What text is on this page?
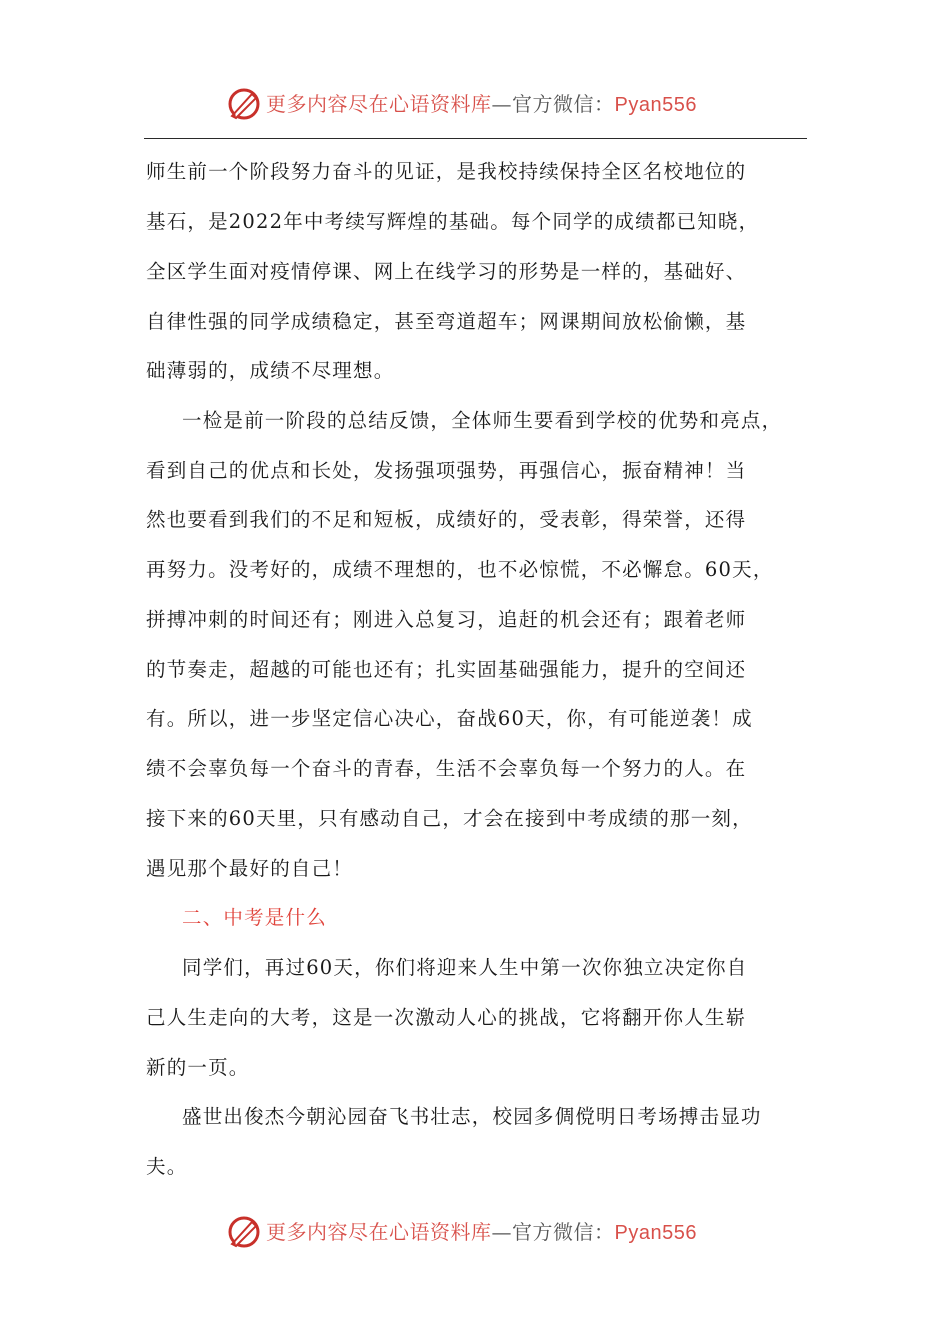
更多内容尽在心语资料库—官方微信：Pyan556
师生前一个阶段努力奋斗的见证，是我校持续保持全区名校地位的
基石，是2022年中考续写辉煌的基础。每个同学的成绩都已知晓，
全区学生面对疫情停课、网上在线学习的形势是一样的，基础好、
自律性强的同学成绩稳定，甚至弯道超车；网课期间放松偷懒，基
础薄弱的，成绩不尽理想。
一检是前一阶段的总结反馈，全体师生要看到学校的优势和亮点，
看到自己的优点和长处，发扬强项强势，再强信心，振奋精神！当
然也要看到我们的不足和短板，成绩好的，受表彰，得荣誉，还得
再努力。没考好的，成绩不理想的，也不必惊慌，不必懈怠。60天，
拼搏冲刺的时间还有；刚进入总复习，追赶的机会还有；跟着老师
的节奏走，超越的可能也还有；扎实固基础强能力，提升的空间还
有。所以，进一步坚定信心决心，奋战60天，你，有可能逆袭！成
绩不会辜负每一个奋斗的青春，生活不会辜负每一个努力的人。在
接下来的60天里，只有感动自己，才会在接到中考成绩的那一刻，
遇见那个最好的自己！
二、中考是什么
同学们，再过60天，你们将迎来人生中第一次你独立决定你自
己人生走向的大考，这是一次激动人心的挑战，它将翻开你人生崭
新的一页。
盛世出俊杰今朝沁园奋飞书壮志，校园多倜傥明日考场搏击显功
夫。
更多内容尽在心语资料库—官方微信：Pyan556
